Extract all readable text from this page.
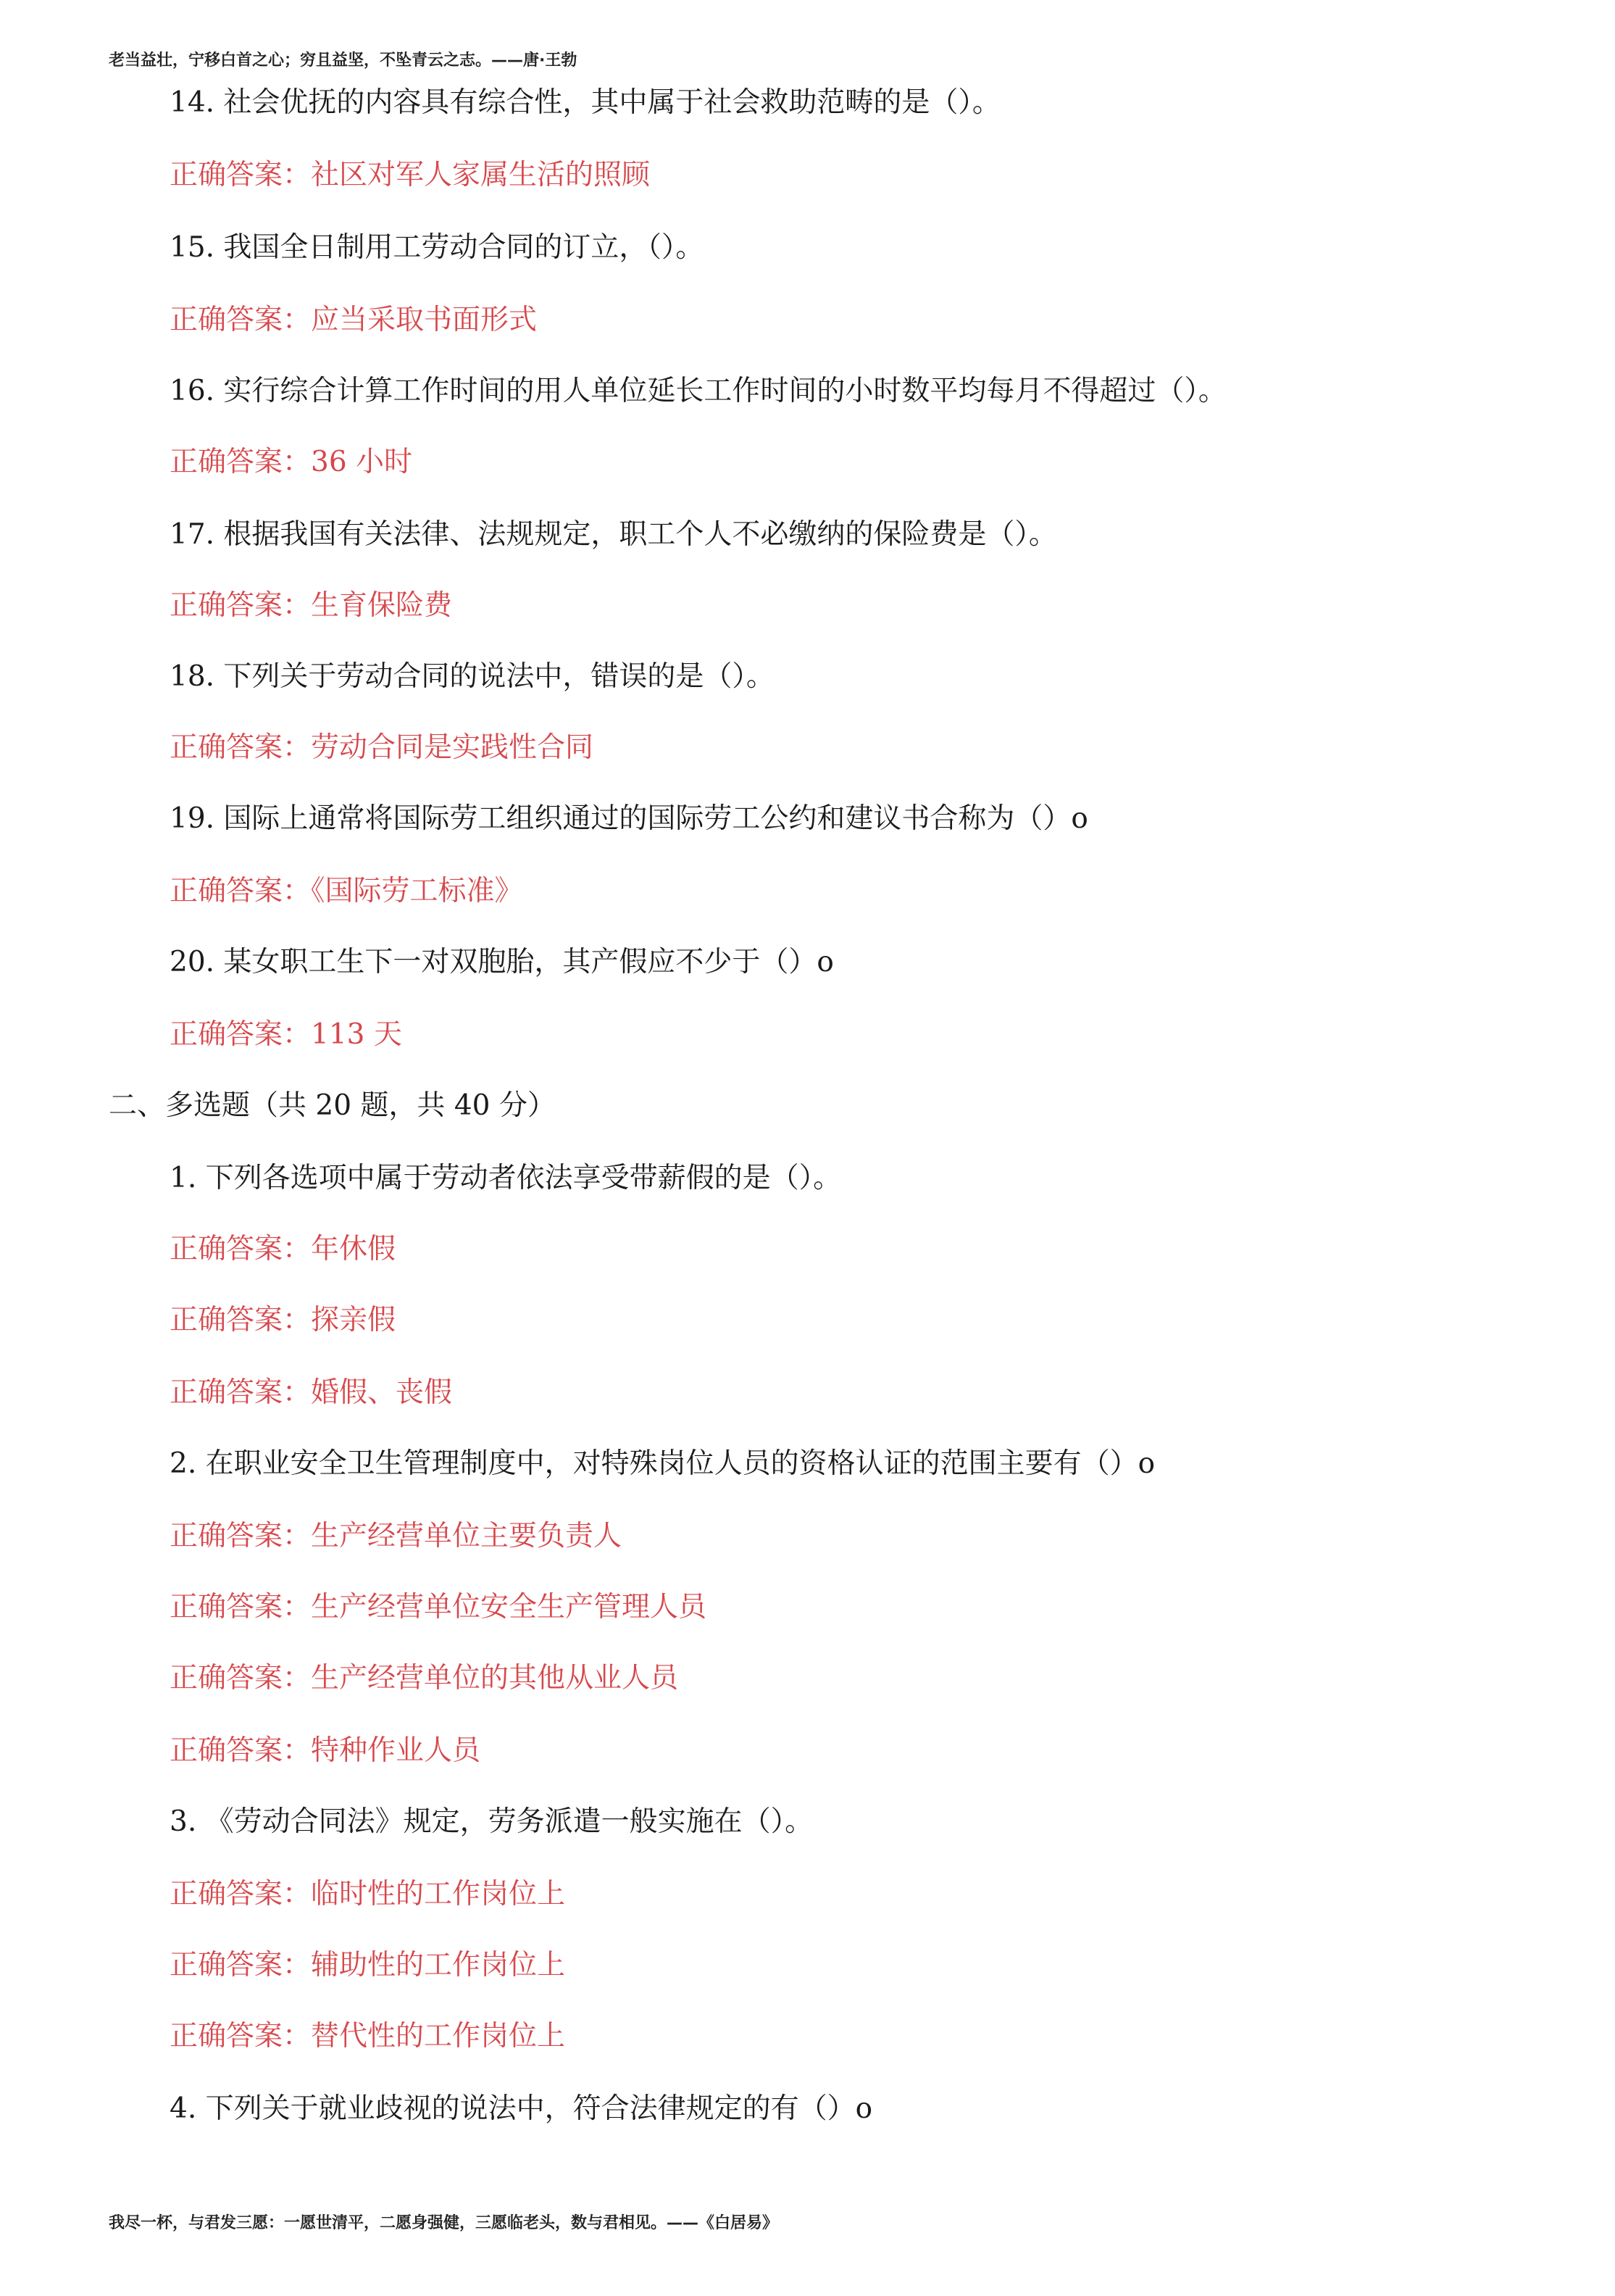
老当益壮，宁移白首之心；穷且益坚，不坠青云之志。——唐·王勃
14. 社会优抚的内容具有综合性，其中属于社会救助范畴的是（）。
正确答案：社区对军人家属生活的照顾
15. 我国全日制用工劳动合同的订立，（）。
正确答案：应当采取书面形式
16. 实行综合计算工作时间的用人单位延长工作时间的小时数平均每月不得超过（）。
正确答案：36 小时
17. 根据我国有关法律、法规规定，职工个人不必缴纳的保险费是（）。
正确答案：生育保险费
18. 下列关于劳动合同的说法中，错误的是（）。
正确答案：劳动合同是实践性合同
19. 国际上通常将国际劳工组织通过的国际劳工公约和建议书合称为（）o
正确答案：《国际劳工标准》
20. 某女职工生下一对双胞胎，其产假应不少于（）o
正确答案：113 天
二、多选题（共 20 题，共 40 分）
1. 下列各选项中属于劳动者依法享受带薪假的是（）。
正确答案：年休假
正确答案：探亲假
正确答案：婚假、丧假
2. 在职业安全卫生管理制度中，对特殊岗位人员的资格认证的范围主要有（）o
正确答案：生产经营单位主要负责人
正确答案：生产经营单位安全生产管理人员
正确答案：生产经营单位的其他从业人员
正确答案：特种作业人员
3. 《劳动合同法》规定，劳务派遣一般实施在（）。
正确答案：临时性的工作岗位上
正确答案：辅助性的工作岗位上
正确答案：替代性的工作岗位上
4. 下列关于就业歧视的说法中，符合法律规定的有（）o
我尽一杯，与君发三愿：一愿世清平，二愿身强健，三愿临老头，数与君相见。——《白居易》
